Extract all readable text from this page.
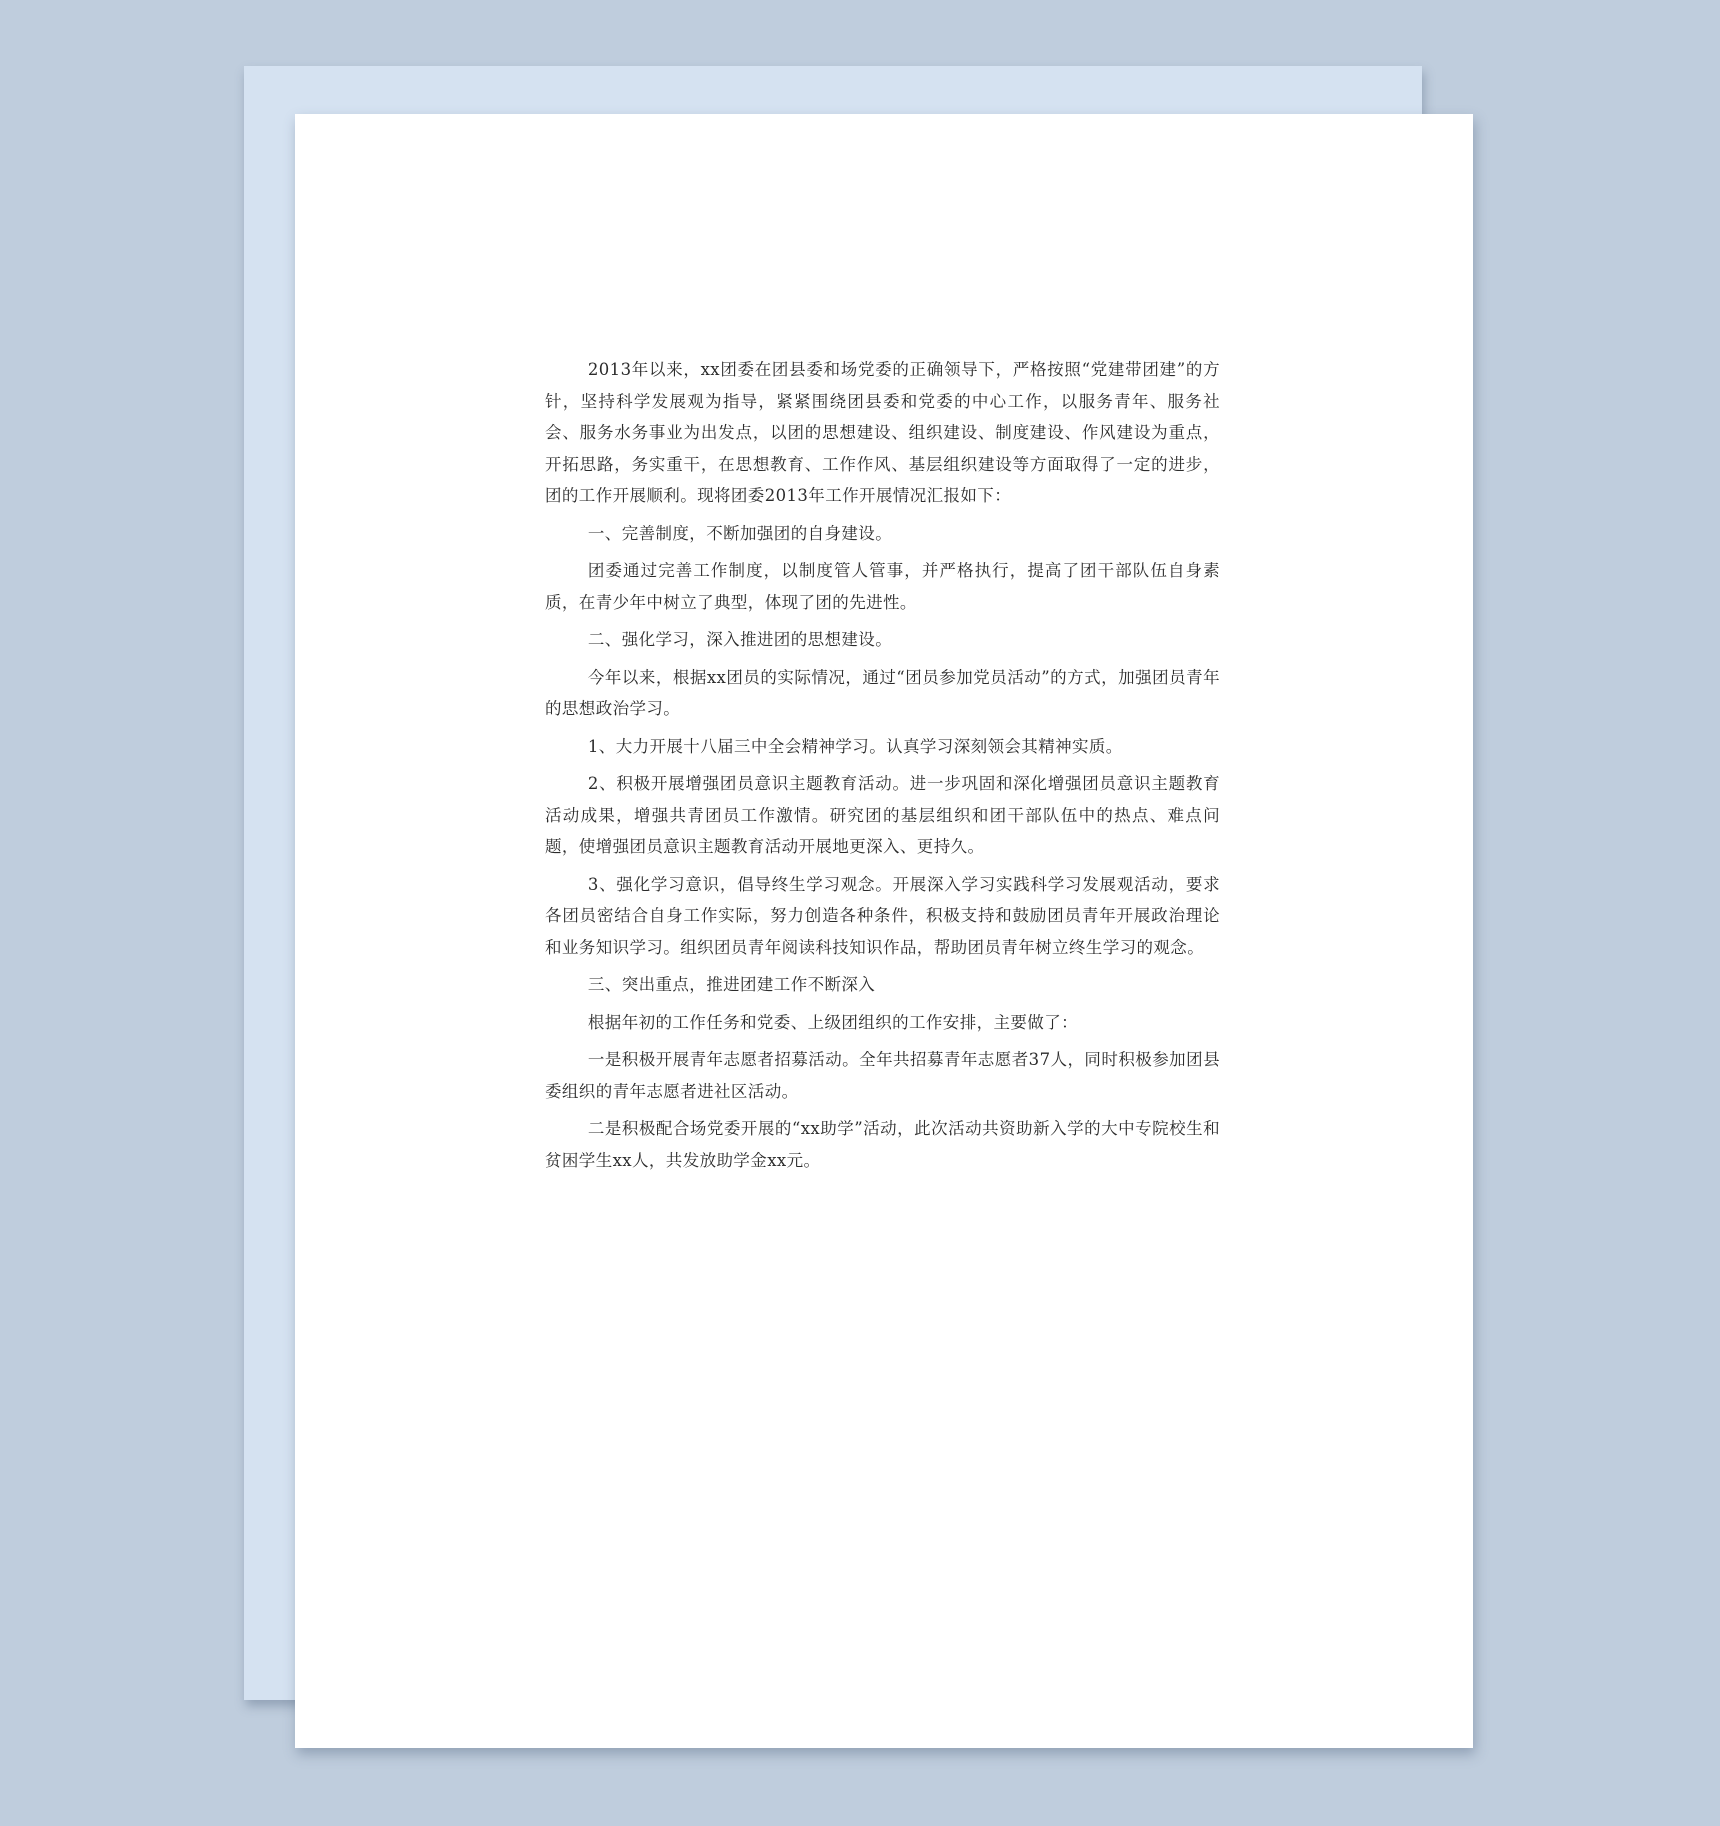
2013年以来，xx团委在团县委和场党委的正确领导下，严格按照“党建带团建”的方针，坚持科学发展观为指导，紧紧围绕团县委和党委的中心工作，以服务青年、服务社会、服务水务事业为出发点，以团的思想建设、组织建设、制度建设、作风建设为重点，开拓思路，务实重干，在思想教育、工作作风、基层组织建设等方面取得了一定的进步，团的工作开展顺利。现将团委2013年工作开展情况汇报如下：

一、完善制度，不断加强团的自身建设。

团委通过完善工作制度，以制度管人管事，并严格执行，提高了团干部队伍自身素质，在青少年中树立了典型，体现了团的先进性。

二、强化学习，深入推进团的思想建设。

今年以来，根据xx团员的实际情况，通过“团员参加党员活动”的方式，加强团员青年的思想政治学习。

1、大力开展十八届三中全会精神学习。认真学习深刻领会其精神实质。

2、积极开展增强团员意识主题教育活动。进一步巩固和深化增强团员意识主题教育活动成果，增强共青团员工作激情。研究团的基层组织和团干部队伍中的热点、难点问题，使增强团员意识主题教育活动开展地更深入、更持久。

3、强化学习意识，倡导终生学习观念。开展深入学习实践科学习发展观活动，要求各团员密结合自身工作实际，努力创造各种条件，积极支持和鼓励团员青年开展政治理论和业务知识学习。组织团员青年阅读科技知识作品，帮助团员青年树立终生学习的观念。

三、突出重点，推进团建工作不断深入

根据年初的工作任务和党委、上级团组织的工作安排，主要做了：

一是积极开展青年志愿者招募活动。全年共招募青年志愿者37人，同时积极参加团县委组织的青年志愿者进社区活动。

二是积极配合场党委开展的“xx助学”活动，此次活动共资助新入学的大中专院校生和贫困学生xx人，共发放助学金xx元。
